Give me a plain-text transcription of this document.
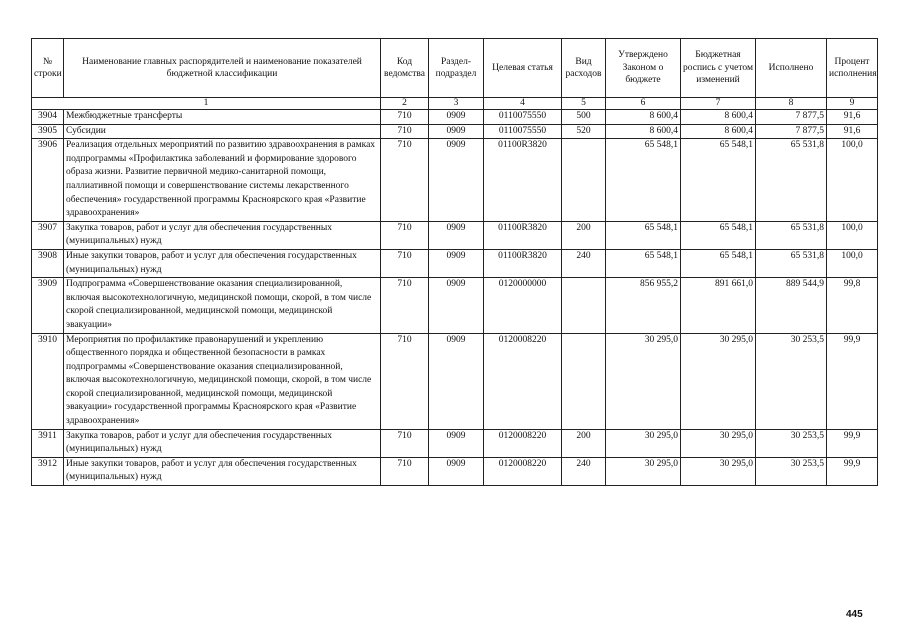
№ строки	Наименование главных распорядителей и наименование показателей бюджетной классификации	Код ведомства	Раздел-подраздел	Целевая статья	Вид расходов	Утверждено Законом о бюджете	Бюджетная роспись с учетом изменений	Исполнено	Процент исполнения
1		2	3	4	5	6	7	8	9
3904	Межбюджетные трансферты	710	0909	0110075550	500	8 600,4	8 600,4	7 877,5	91,6
3905	Субсидии	710	0909	0110075550	520	8 600,4	8 600,4	7 877,5	91,6
3906	Реализация отдельных мероприятий по развитию здравоохранения в рамках подпрограммы «Профилактика заболеваний и формирование здорового образа жизни. Развитие первичной медико-санитарной помощи, паллиативной помощи и совершенствование системы лекарственного обеспечения» государственной программы Красноярского края «Развитие здравоохранения»	710	0909	01100R3820		65 548,1	65 548,1	65 531,8	100,0
3907	Закупка товаров, работ и услуг для обеспечения государственных (муниципальных) нужд	710	0909	01100R3820	200	65 548,1	65 548,1	65 531,8	100,0
3908	Иные закупки товаров, работ и услуг для обеспечения государственных (муниципальных) нужд	710	0909	01100R3820	240	65 548,1	65 548,1	65 531,8	100,0
3909	Подпрограмма «Совершенствование оказания специализированной, включая высокотехнологичную, медицинской помощи, скорой, в том числе скорой специализированной, медицинской помощи, медицинской эвакуации»	710	0909	0120000000		856 955,2	891 661,0	889 544,9	99,8
3910	Мероприятия по профилактике правонарушений и укреплению общественного порядка и общественной безопасности в рамках подпрограммы «Совершенствование оказания специализированной, включая высокотехнологичную, медицинской помощи, скорой, в том числе скорой специализированной, медицинской помощи, медицинской эвакуации» государственной программы Красноярского края «Развитие здравоохранения»	710	0909	0120008220		30 295,0	30 295,0	30 253,5	99,9
3911	Закупка товаров, работ и услуг для обеспечения государственных (муниципальных) нужд	710	0909	0120008220	200	30 295,0	30 295,0	30 253,5	99,9
3912	Иные закупки товаров, работ и услуг для обеспечения государственных (муниципальных) нужд	710	0909	0120008220	240	30 295,0	30 295,0	30 253,5	99,9
445
